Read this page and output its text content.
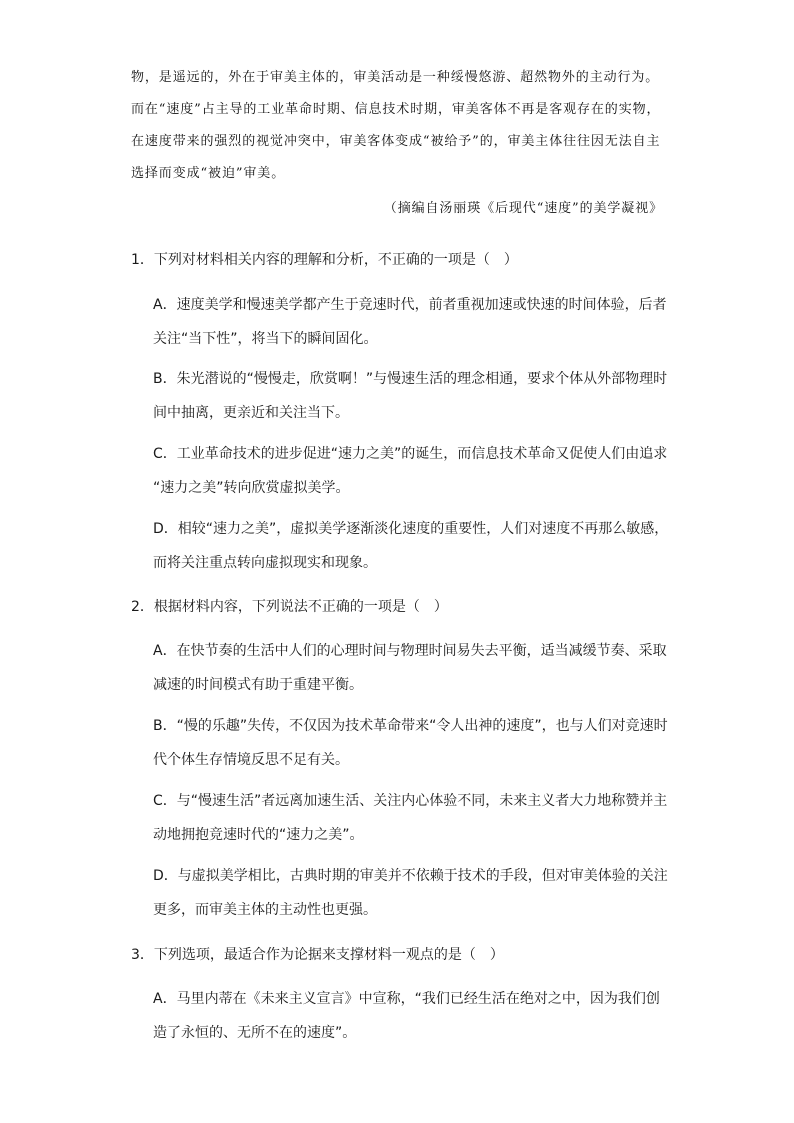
物，是遥远的，外在于审美主体的，审美活动是一种绥慢悠游、超然物外的主动行为。

而在“速度”占主导的工业革命时期、信息技术时期，审美客体不再是客观存在的实物，

在速度带来的强烈的视觉冲突中，审美客体变成“被给予”的，审美主体往往因无法自主

选择而变成“被迫”审美。

（摘编自汤丽瑛《后现代“速度”的美学凝视》
1．下列对材料相关内容的理解和分析，不正确的一项是（　）

A．速度美学和慢速美学都产生于竞速时代，前者重视加速或快速的时间体验，后者

关注“当下性”，将当下的瞬间固化。

B．朱光潜说的“慢慢走，欣赏啊！”与慢速生活的理念相通，要求个体从外部物理时

间中抽离，更亲近和关注当下。

C．工业革命技术的进步促进“速力之美”的诞生，而信息技术革命又促使人们由追求

“速力之美”转向欣赏虚拟美学。

D．相较“速力之美”，虚拟美学逐渐淡化速度的重要性，人们对速度不再那么敏感，

而将关注重点转向虚拟现实和现象。

2．根据材料内容，下列说法不正确的一项是（　）

A．在快节奏的生活中人们的心理时间与物理时间易失去平衡，适当减缓节奏、采取

减速的时间模式有助于重建平衡。

B．“慢的乐趣”失传，不仅因为技术革命带来“令人出神的速度”，也与人们对竞速时

代个体生存情境反思不足有关。

C．与“慢速生活”者远离加速生活、关注内心体验不同，未来主义者大力地称赞并主

动地拥抱竞速时代的“速力之美”。

D．与虚拟美学相比，古典时期的审美并不依赖于技术的手段，但对审美体验的关注

更多，而审美主体的主动性也更强。

3．下列选项，最适合作为论据来支撑材料一观点的是（　）

A．马里内蒂在《未来主义宣言》中宣称，“我们已经生活在绝对之中，因为我们创

造了永恒的、无所不在的速度”。
